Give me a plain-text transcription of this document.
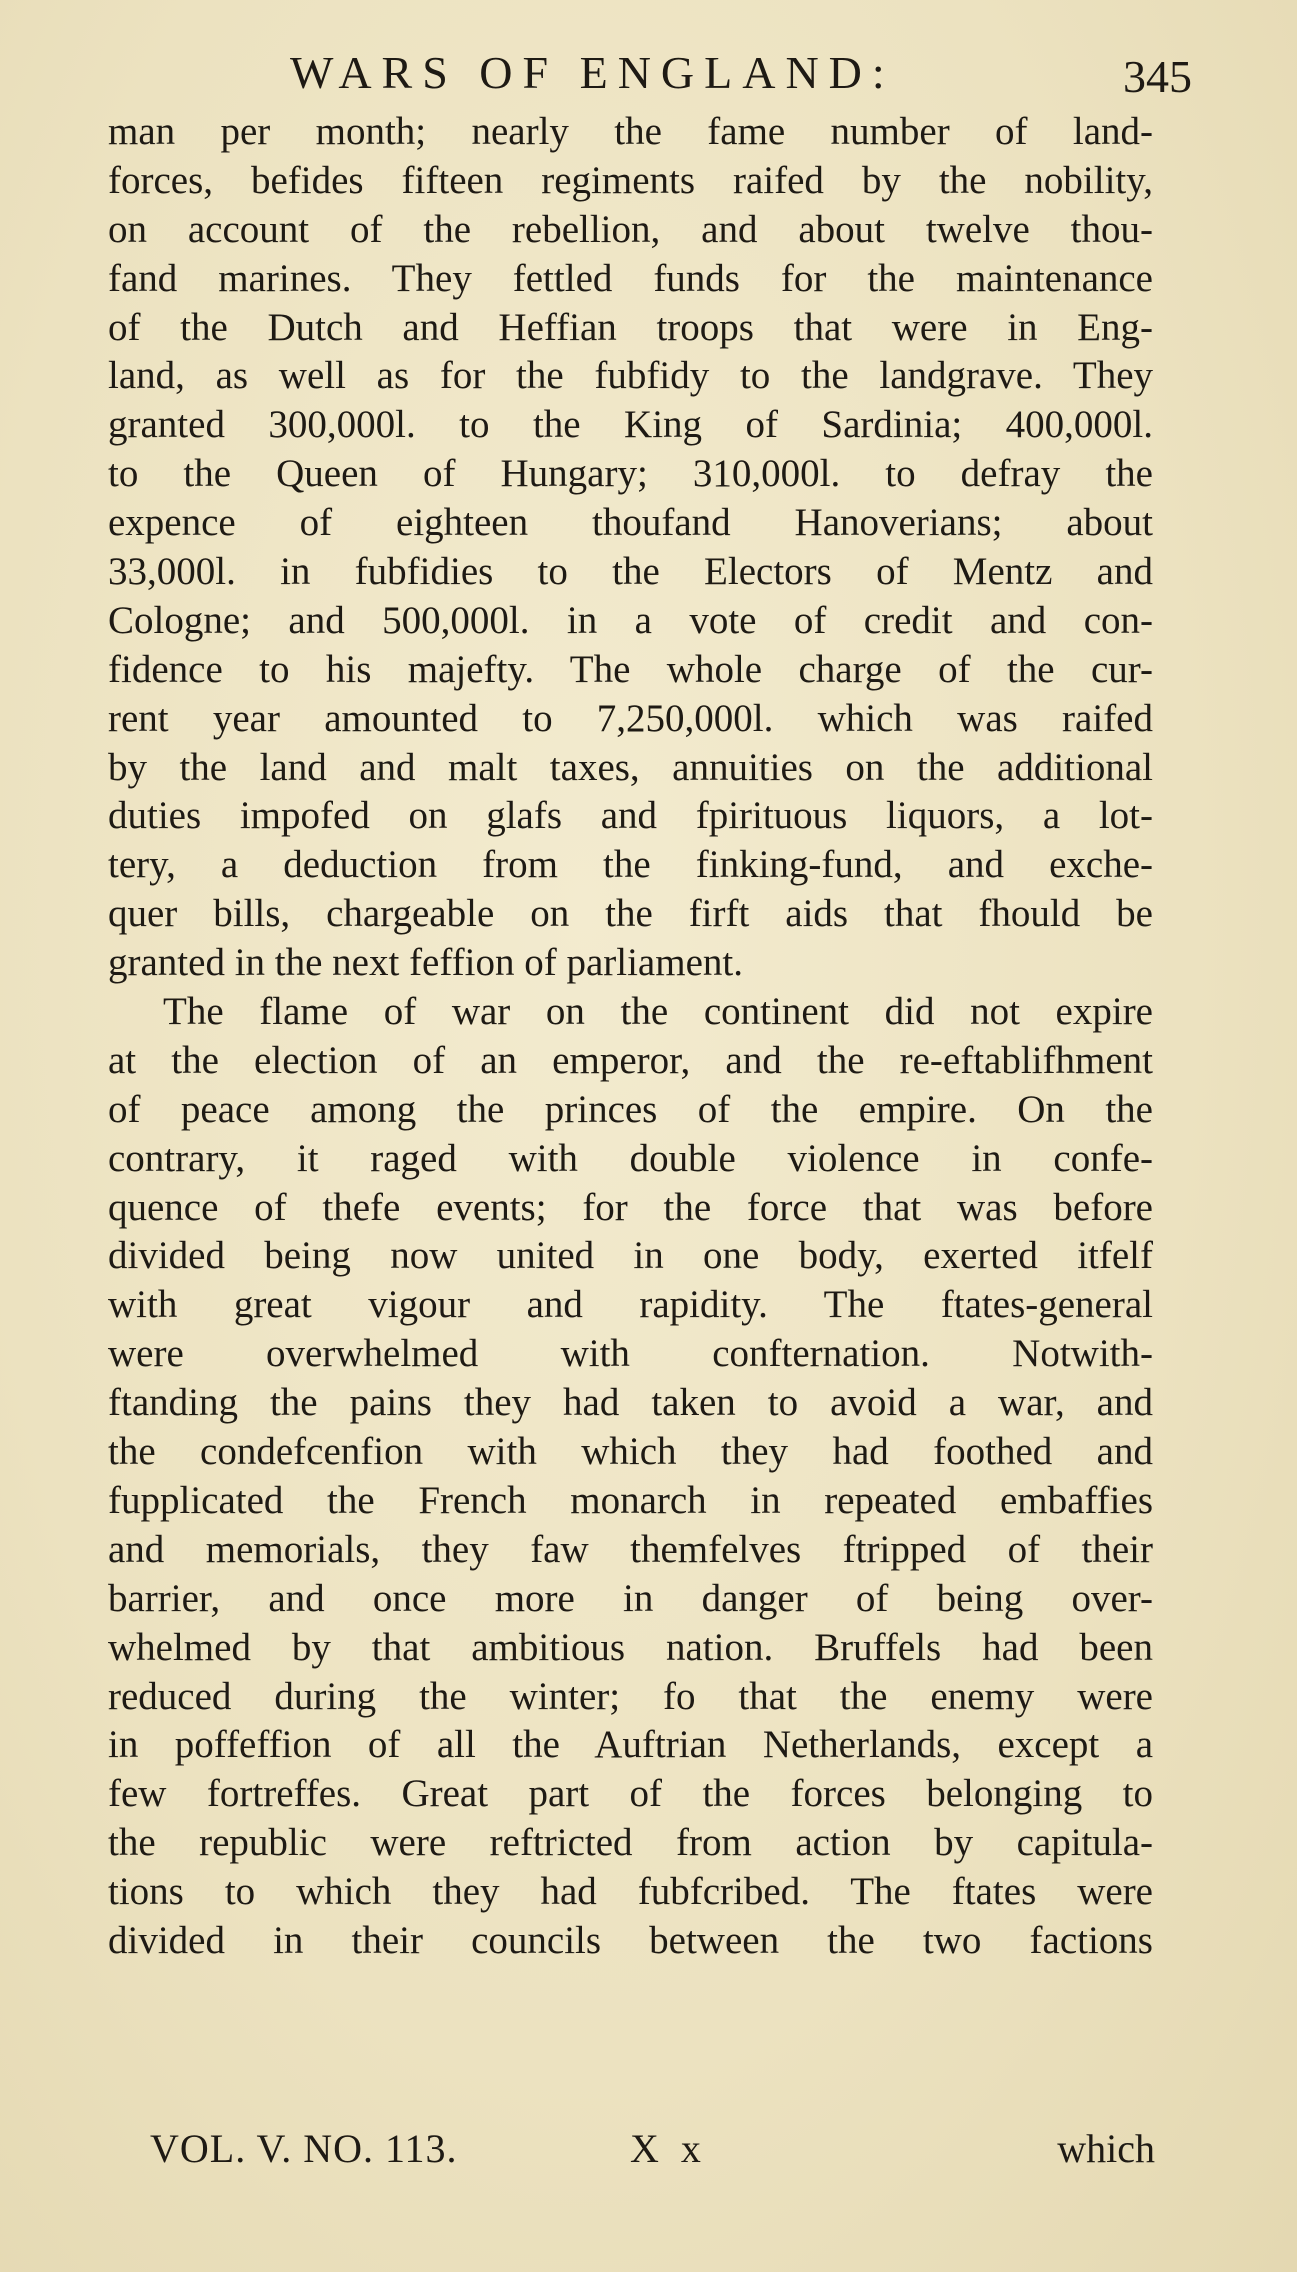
WARS OF ENGLAND:	345
man per month; nearly the fame number of land-
forces, befides fifteen regiments raifed by the nobility,
on account of the rebellion, and about twelve thou-
fand marines. They fettled funds for the maintenance
of the Dutch and Heffian troops that were in Eng-
land, as well as for the fubfidy to the landgrave. They
granted 300,000l. to the King of Sardinia; 400,000l.
to the Queen of Hungary; 310,000l. to defray the
expence of eighteen thoufand Hanoverians; about
33,000l. in fubfidies to the Electors of Mentz and
Cologne; and 500,000l. in a vote of credit and con-
fidence to his majefty. The whole charge of the cur-
rent year amounted to 7,250,000l. which was raifed
by the land and malt taxes, annuities on the additional
duties impofed on glafs and fpirituous liquors, a lot-
tery, a deduction from the finking-fund, and exche-
quer bills, chargeable on the firft aids that fhould be
granted in the next feffion of parliament.
The flame of war on the continent did not expire
at the election of an emperor, and the re-eftablifhment
of peace among the princes of the empire. On the
contrary, it raged with double violence in confe-
quence of thefe events; for the force that was before
divided being now united in one body, exerted itfelf
with great vigour and rapidity. The ftates-general
were overwhelmed with confternation. Notwith-
ftanding the pains they had taken to avoid a war, and
the condefcenfion with which they had foothed and
fupplicated the French monarch in repeated embaffies
and memorials, they faw themfelves ftripped of their
barrier, and once more in danger of being over-
whelmed by that ambitious nation. Bruffels had been
reduced during the winter; fo that the enemy were
in poffeffion of all the Auftrian Netherlands, except a
few fortreffes. Great part of the forces belonging to
the republic were reftricted from action by capitula-
tions to which they had fubfcribed. The ftates were
divided in their councils between the two factions
VOL. V. NO. 113.	X x	which
